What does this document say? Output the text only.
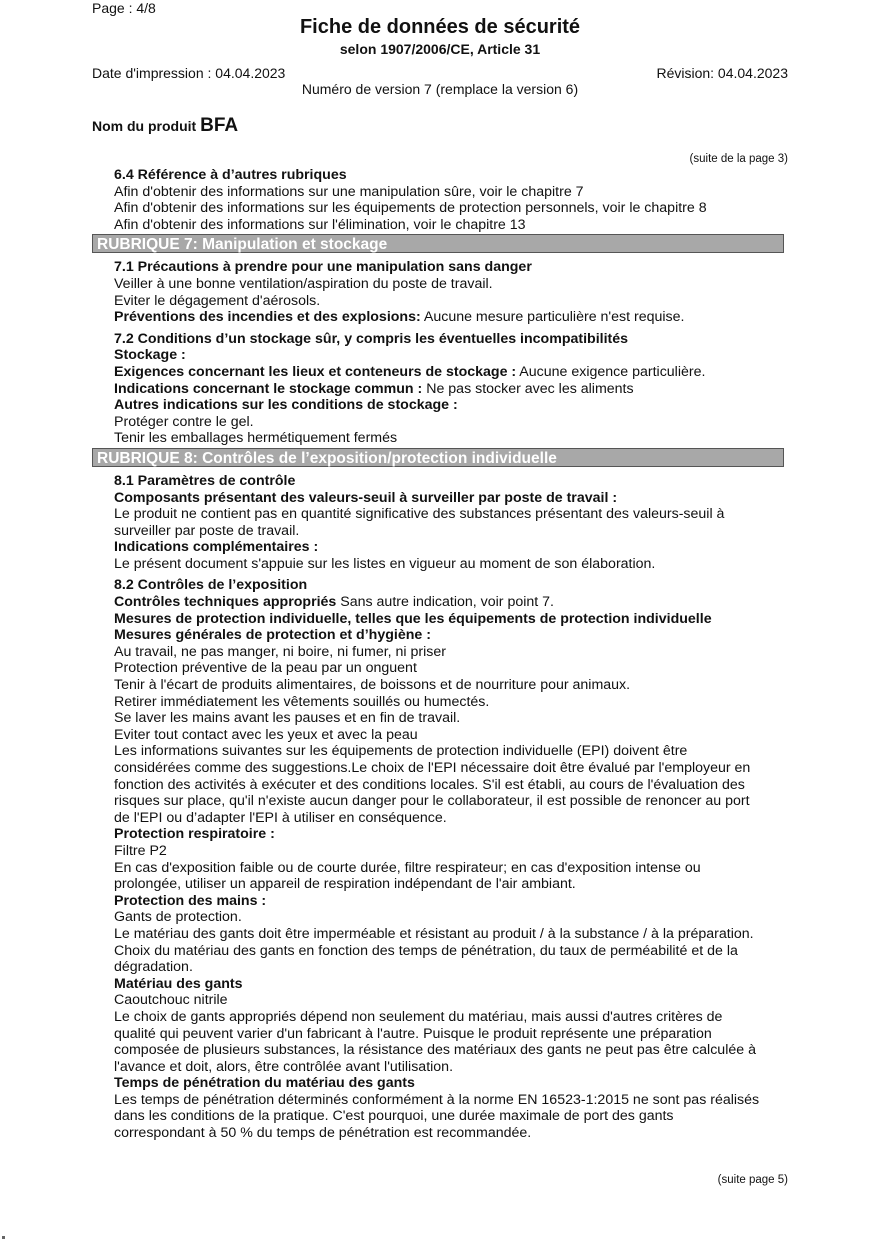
Page : 4/8
Fiche de données de sécurité
selon 1907/2006/CE, Article 31
Date d'impression : 04.04.2023	Révision: 04.04.2023
Numéro de version 7 (remplace la version 6)
Nom du produit BFA
(suite de la page 3)
6.4 Référence à d’autres rubriques
Afin d'obtenir des informations sur une manipulation sûre, voir le chapitre 7
Afin d'obtenir des informations sur les équipements de protection personnels, voir le chapitre 8
Afin d'obtenir des informations sur l'élimination, voir le chapitre 13
RUBRIQUE 7: Manipulation et stockage
7.1 Précautions à prendre pour une manipulation sans danger
Veiller à une bonne ventilation/aspiration du poste de travail.
Eviter le dégagement d'aérosols.
Préventions des incendies et des explosions: Aucune mesure particulière n'est requise.
7.2 Conditions d’un stockage sûr, y compris les éventuelles incompatibilités
Stockage :
Exigences concernant les lieux et conteneurs de stockage : Aucune exigence particulière.
Indications concernant le stockage commun : Ne pas stocker avec les aliments
Autres indications sur les conditions de stockage :
Protéger contre le gel.
Tenir les emballages hermétiquement fermés
RUBRIQUE 8: Contrôles de l’exposition/protection individuelle
8.1 Paramètres de contrôle
Composants présentant des valeurs-seuil à surveiller par poste de travail :
Le produit ne contient pas en quantité significative des substances présentant des valeurs-seuil à
surveiller par poste de travail.
Indications complémentaires :
Le présent document s'appuie sur les listes en vigueur au moment de son élaboration.
8.2 Contrôles de l’exposition
Contrôles techniques appropriés Sans autre indication, voir point 7.
Mesures de protection individuelle, telles que les équipements de protection individuelle
Mesures générales de protection et d’hygiène :
Au travail, ne pas manger, ni boire, ni fumer, ni priser
Protection préventive de la peau par un onguent
Tenir à l'écart de produits alimentaires, de boissons et de nourriture pour animaux.
Retirer immédiatement les vêtements souillés ou humectés.
Se laver les mains avant les pauses et en fin de travail.
Eviter tout contact avec les yeux et avec la peau
Les informations suivantes sur les équipements de protection individuelle (EPI) doivent être
considérées comme des suggestions.Le choix de l'EPI nécessaire doit être évalué par l'employeur en
fonction des activités à exécuter et des conditions locales. S'il est établi, au cours de l'évaluation des
risques sur place, qu'il n'existe aucun danger pour le collaborateur, il est possible de renoncer au port
de l'EPI ou d’adapter l'EPI à utiliser en conséquence.
Protection respiratoire :
Filtre P2
En cas d'exposition faible ou de courte durée, filtre respirateur; en cas d'exposition intense ou
prolongée, utiliser un appareil de respiration indépendant de l'air ambiant.
Protection des mains :
Gants de protection.
Le matériau des gants doit être imperméable et résistant au produit / à la substance / à la préparation.
Choix du matériau des gants en fonction des temps de pénétration, du taux de perméabilité et de la
dégradation.
Matériau des gants
Caoutchouc nitrile
Le choix de gants appropriés dépend non seulement du matériau, mais aussi d'autres critères de
qualité qui peuvent varier d'un fabricant à l'autre. Puisque le produit représente une préparation
composée de plusieurs substances, la résistance des matériaux des gants ne peut pas être calculée à
l'avance et doit, alors, être contrôlée avant l'utilisation.
Temps de pénétration du matériau des gants
Les temps de pénétration déterminés conformément à la norme EN 16523-1:2015 ne sont pas réalisés
dans les conditions de la pratique. C'est pourquoi, une durée maximale de port des gants
correspondant à 50 % du temps de pénétration est recommandée.
(suite page 5)
